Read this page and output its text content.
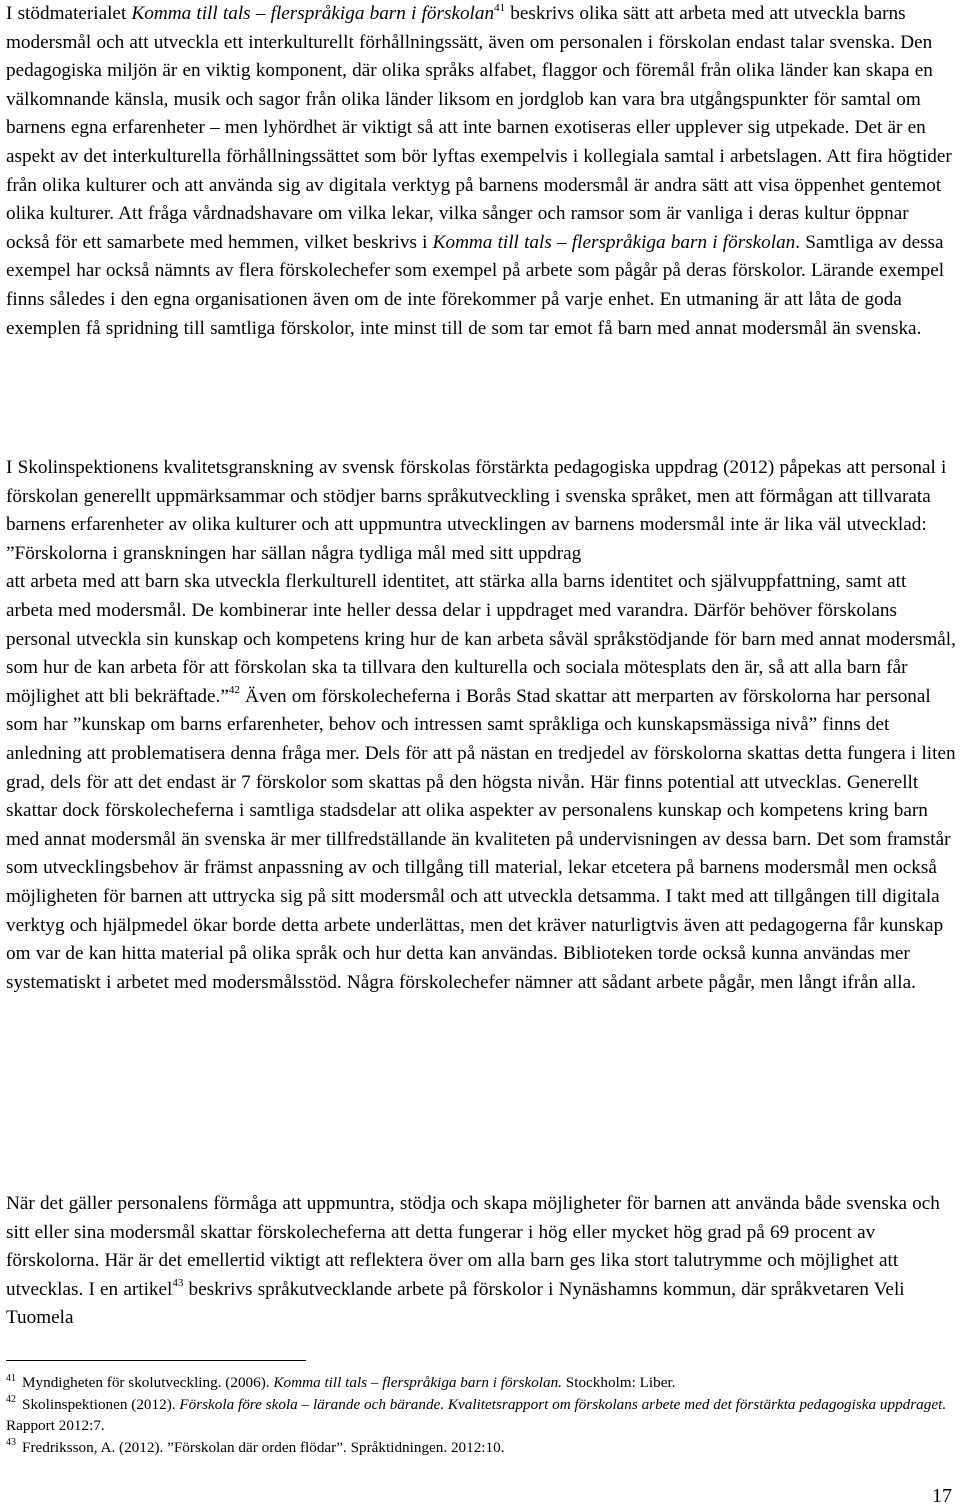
I stödmaterialet Komma till tals – flerspråkiga barn i förskolan$^{41}$ beskrivs olika sätt att arbeta med att utveckla barns modersmål och att utveckla ett interkulturellt förhållningssätt, även om personalen i förskolan endast talar svenska. Den pedagogiska miljön är en viktig komponent, där olika språks alfabet, flaggor och föremål från olika länder kan skapa en välkomnande känsla, musik och sagor från olika länder liksom en jordglob kan vara bra utgångspunkter för samtal om barnens egna erfarenheter – men lyhördhet är viktigt så att inte barnen exotiseras eller upplever sig utpekade. Det är en aspekt av det interkulturella förhållningssättet som bör lyftas exempelvis i kollegiala samtal i arbetslagen. Att fira högtider från olika kulturer och att använda sig av digitala verktyg på barnens modersmål är andra sätt att visa öppenhet gentemot olika kulturer. Att fråga vårdnadshavare om vilka lekar, vilka sånger och ramsor som är vanliga i deras kultur öppnar också för ett samarbete med hemmen, vilket beskrivs i Komma till tals – flerspråkiga barn i förskolan. Samtliga av dessa exempel har också nämnts av flera förskolechefer som exempel på arbete som pågår på deras förskolor. Lärande exempel finns således i den egna organisationen även om de inte förekommer på varje enhet. En utmaning är att låta de goda exemplen få spridning till samtliga förskolor, inte minst till de som tar emot få barn med annat modersmål än svenska.

I Skolinspektionens kvalitetsgranskning av svensk förskolas förstärkta pedagogiska uppdrag (2012) påpekas att personal i förskolan generellt uppmärksammar och stödjer barns språkutveckling i svenska språket, men att förmågan att tillvarata barnens erfarenheter av olika kulturer och att uppmuntra utvecklingen av barnens modersmål inte är lika väl utvecklad:
”Förskolorna i granskningen har sällan några tydliga mål med sitt uppdrag
att arbeta med att barn ska utveckla flerkulturell identitet, att stärka alla barns identitet och självuppfattning, samt att arbeta med modersmål. De kombinerar inte heller dessa delar i uppdraget med varandra. Därför behöver förskolans personal utveckla sin kunskap och kompetens kring hur de kan arbeta såväl språkstödjande för barn med annat modersmål, som hur de kan arbeta för att förskolan ska ta tillvara den kulturella och sociala mötesplats den är, så att alla barn får möjlighet att bli bekräftade.”$^{42}$ Även om förskolecheferna i Borås Stad skattar att merparten av förskolorna har personal som har ”kunskap om barns erfarenheter, behov och intressen samt språkliga och kunskapsmässiga nivå” finns det anledning att problematisera denna fråga mer. Dels för att på nästan en tredjedel av förskolorna skattas detta fungera i liten grad, dels för att det endast är 7 förskolor som skattas på den högsta nivån. Här finns potential att utvecklas. Generellt skattar dock förskolecheferna i samtliga stadsdelar att olika aspekter av personalens kunskap och kompetens kring barn med annat modersmål än svenska är mer tillfredställande än kvaliteten på undervisningen av dessa barn. Det som framstår som utvecklingsbehov är främst anpassning av och tillgång till material, lekar etcetera på barnens modersmål men också möjligheten för barnen att uttrycka sig på sitt modersmål och att utveckla detsamma. I takt med att tillgången till digitala verktyg och hjälpmedel ökar borde detta arbete underlättas, men det kräver naturligtvis även att pedagogerna får kunskap om var de kan hitta material på olika språk och hur detta kan användas. Biblioteken torde också kunna användas mer systematiskt i arbetet med modersmålsstöd. Några förskolechefer nämner att sådant arbete pågår, men långt ifrån alla.

När det gäller personalens förmåga att uppmuntra, stödja och skapa möjligheter för barnen att använda både svenska och sitt eller sina modersmål skattar förskolecheferna att detta fungerar i hög eller mycket hög grad på 69 procent av förskolorna. Här är det emellertid viktigt att reflektera över om alla barn ges lika stort talutrymme och möjlighet att utvecklas. I en artikel$^{43}$ beskrivs språkutvecklande arbete på förskolor i Nynäshamns kommun, där språkvetaren Veli Tuomela

$^{41}$ Myndigheten för skolutveckling. (2006). Komma till tals – flerspråkiga barn i förskolan. Stockholm: Liber.

$^{42}$ Skolinspektionen (2012). Förskola före skola – lärande och bärande. Kvalitetsrapport om förskolans arbete med det förstärkta pedagogiska uppdraget. Rapport 2012:7.

$^{43}$ Fredriksson, A. (2012). ”Förskolan där orden flödar”. Språktidningen. 2012:10.

17
